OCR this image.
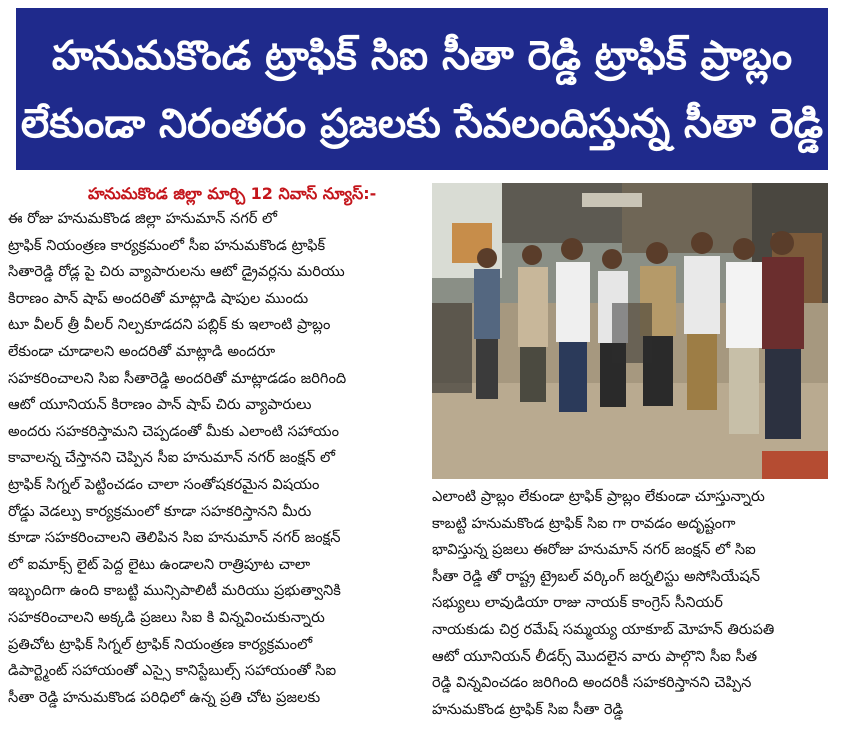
హనుమకొండ ట్రాఫిక్ సిఐ సీతా రెడ్డి ట్రాఫిక్ ప్రాబ్లం
లేకుండా నిరంతరం ప్రజలకు సేవలందిస్తున్న సీతా రెడ్డి
హనుమకొండ జిల్లా మార్చి 12 నివాస్ న్యూస్:-
ఈ రోజు హనుమకొండ జిల్లా హనుమాన్ నగర్ లో
ట్రాఫిక్ నియంత్రణ కార్యక్రమంలో సీఐ హనుమకొండ ట్రాఫిక్
సితారెడ్డి రోడ్ల పై చిరు వ్యాపారులను ఆటో డ్రైవర్లను మరియు
కిరాణం పాన్ షాప్ అందరితో మాట్లాడి షాపుల ముందు
టూ వీలర్ త్రీ వీలర్ నిల్పకూడదని పబ్లిక్ కు ఇలాంటి ప్రాబ్లం
లేకుండా చూడాలని అందరితో మాట్లాడి అందరూ
సహకరించాలని సిఐ సీతారెడ్డి అందరితో మాట్లాడడం జరిగింది
ఆటో యూనియన్ కిరాణం పాన్ షాప్ చిరు వ్యాపారులు
అందరు సహకరిస్తామని చెప్పడంతో మీకు ఎలాంటి సహాయం
కావాలన్న చేస్తానని చెప్పిన సీఐ హనుమాన్ నగర్ జంక్షన్ లో
ట్రాఫిక్ సిగ్నల్ పెట్టించడం చాలా సంతోషకరమైన విషయం
రోడ్డు వెడల్పు కార్యక్రమంలో కూడా సహకరిస్తానని మీరు
కూడా సహకరించాలని తెలిపిన సిఐ హనుమాన్ నగర్ జంక్షన్
లో ఐమాక్స్ లైట్ పెద్ద లైటు ఉండాలని రాత్రిపూట చాలా
ఇబ్బందిగా ఉంది కాబట్టి మున్సిపాలిటీ మరియు ప్రభుత్వానికి
సహకరించాలని అక్కడి ప్రజలు సిఐ కి విన్నవించుకున్నారు
ప్రతిచోట ట్రాఫిక్ సిగ్నల్ ట్రాఫిక్ నియంత్రణ కార్యక్రమంలో
డిపార్ట్మెంట్ సహాయంతో ఎస్సై కానిస్టేబుల్స్ సహాయంతో సిఐ
సీతా రెడ్డి హనుమకొండ పరిధిలో ఉన్న ప్రతి చోట ప్రజలకు
ఎలాంటి ప్రాబ్లం లేకుండా ట్రాఫిక్ ప్రాబ్లం లేకుండా చూస్తున్నారు
కాబట్టి హనుమకొండ ట్రాఫిక్ సిఐ గా రావడం అదృష్టంగా
భావిస్తున్న ప్రజలు ఈరోజు హనుమాన్ నగర్ జంక్షన్ లో సిఐ
సీతా రెడ్డి తో రాష్ట్ర ట్రైబల్ వర్కింగ్ జర్నలిస్టు అసోసియేషన్
సభ్యులు లావుడియా రాజు నాయక్ కాంగ్రెస్ సీనియర్
నాయకుడు చిర్ర రమేష్ సమ్మయ్య యాకూబ్ మోహన్ తిరుపతి
ఆటో యూనియన్ లీడర్స్ మొదలైన వారు పాల్గొని సీఐ సీత
రెడ్డి విన్నవించడం జరిగింది అందరికీ సహకరిస్తానని చెప్పిన
హనుమకొండ ట్రాఫిక్ సిఐ సీతా రెడ్డి
